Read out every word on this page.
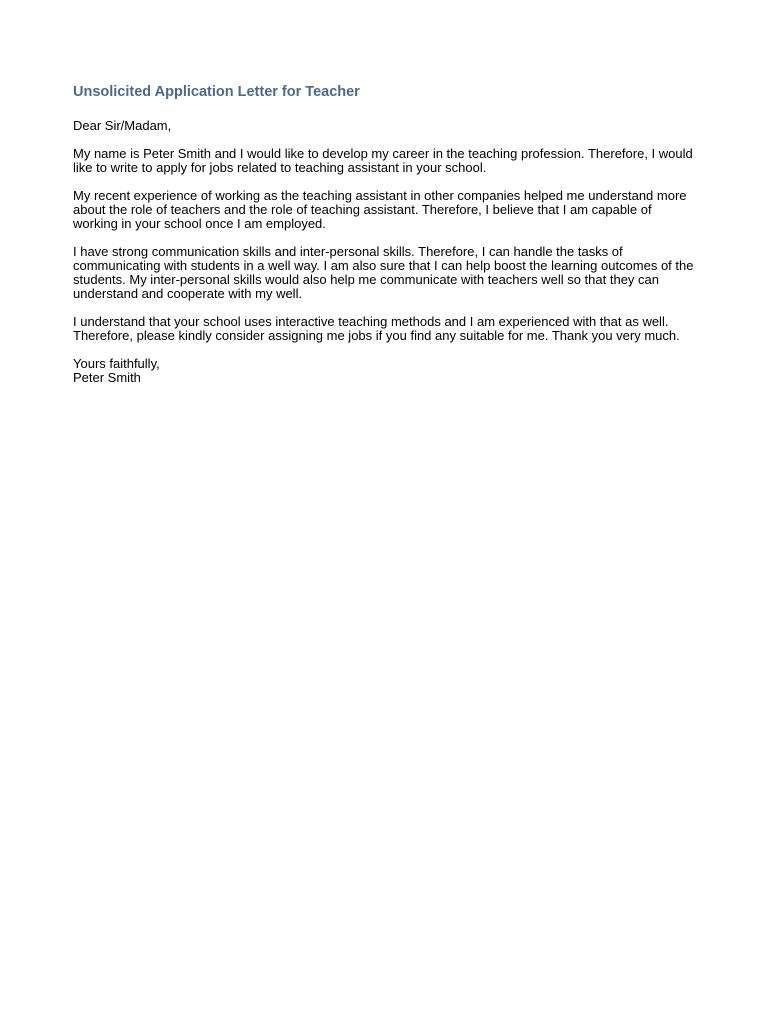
Unsolicited Application Letter for Teacher

Dear Sir/Madam,

My name is Peter Smith and I would like to develop my career in the teaching profession. Therefore, I would
like to write to apply for jobs related to teaching assistant in your school.

My recent experience of working as the teaching assistant in other companies helped me understand more
about the role of teachers and the role of teaching assistant. Therefore, I believe that I am capable of
working in your school once I am employed.

I have strong communication skills and inter-personal skills. Therefore, I can handle the tasks of
communicating with students in a well way. I am also sure that I can help boost the learning outcomes of the
students. My inter-personal skills would also help me communicate with teachers well so that they can
understand and cooperate with my well.

I understand that your school uses interactive teaching methods and I am experienced with that as well.
Therefore, please kindly consider assigning me jobs if you find any suitable for me. Thank you very much.

Yours faithfully,
Peter Smith
